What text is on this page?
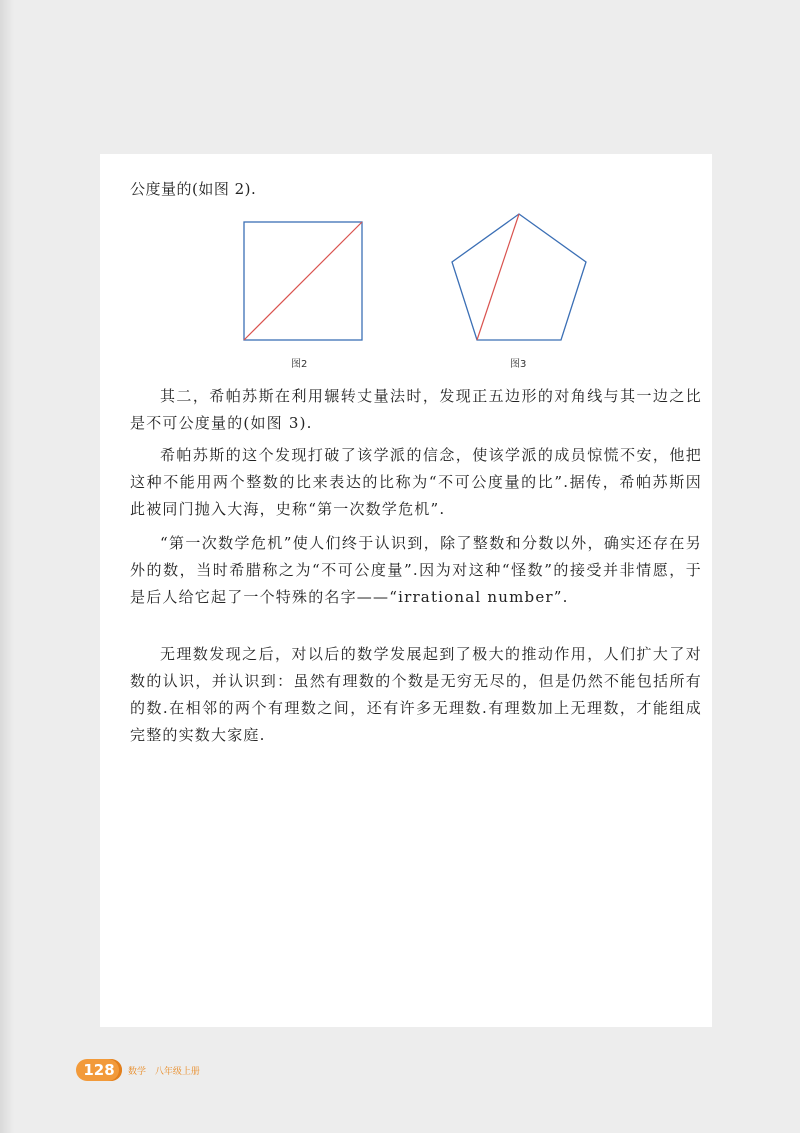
公度量的(如图 2).
图2	图3

其二，希帕苏斯在利用辗转丈量法时，发现正五边形的对角线与其一边之比是不可公度量的(如图 3).

希帕苏斯的这个发现打破了该学派的信念，使该学派的成员惊慌不安，他把这种不能用两个整数的比来表达的比称为“不可公度量的比”.据传，希帕苏斯因此被同门抛入大海，史称“第一次数学危机”.

“第一次数学危机”使人们终于认识到，除了整数和分数以外，确实还存在另外的数，当时希腊称之为“不可公度量”.因为对这种“怪数”的接受并非情愿，于是后人给它起了一个特殊的名字——“irrational number”.

无理数发现之后，对以后的数学发展起到了极大的推动作用，人们扩大了对数的认识，并认识到：虽然有理数的个数是无穷无尽的，但是仍然不能包括所有的数.在相邻的两个有理数之间，还有许多无理数.有理数加上无理数，才能组成完整的实数大家庭.

128	数学 八年级上册
